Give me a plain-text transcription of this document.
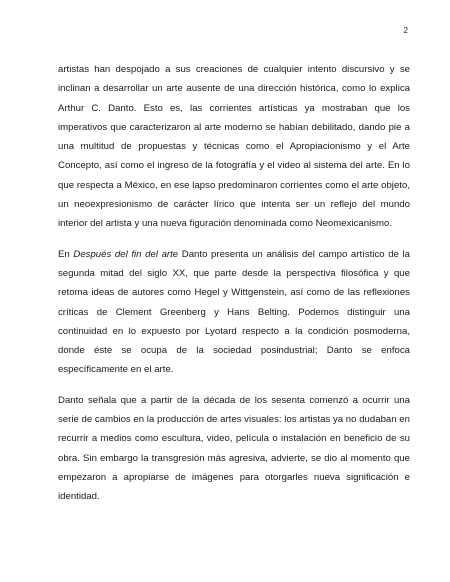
2

artistas han despojado a sus creaciones de cualquier intento discursivo y se inclinan a desarrollar un arte ausente de una dirección histórica, como lo explica Arthur C. Danto. Esto es, las corrientes artísticas ya mostraban que los imperativos que caracterizaron al arte moderno se habían debilitado, dando pie a una multitud de propuestas y técnicas como el Apropiacionismo y el Arte Concepto, así como el ingreso de la fotografía y el video al sistema del arte. En lo que respecta a México, en ese lapso predominaron corrientes como el arte objeto, un neoexpresionismo de carácter lírico que intenta ser un reflejo del mundo interior del artista y una nueva figuración denominada como Neomexicanismo.

En Después del fin del arte Danto presenta un análisis del campo artístico de la segunda mitad del siglo XX, que parte desde la perspectiva filosófica y que retoma ideas de autores como Hegel y Wittgenstein, así como de las reflexiones críticas de Clement Greenberg y Hans Belting. Podemos distinguir una continuidad en lo expuesto por Lyotard respecto a la condición posmoderna, donde éste se ocupa de la sociedad posindustrial; Danto se enfoca específicamente en el arte.

Danto señala que a partir de la década de los sesenta comenzó a ocurrir una serie de cambios en la producción de artes visuales: los artistas ya no dudaban en recurrir a medios como escultura, video, película o instalación en beneficio de su obra. Sin embargo la transgresión más agresiva, advierte, se dio al momento que empezaron a apropiarse de imágenes para otorgarles nueva significación e identidad.
